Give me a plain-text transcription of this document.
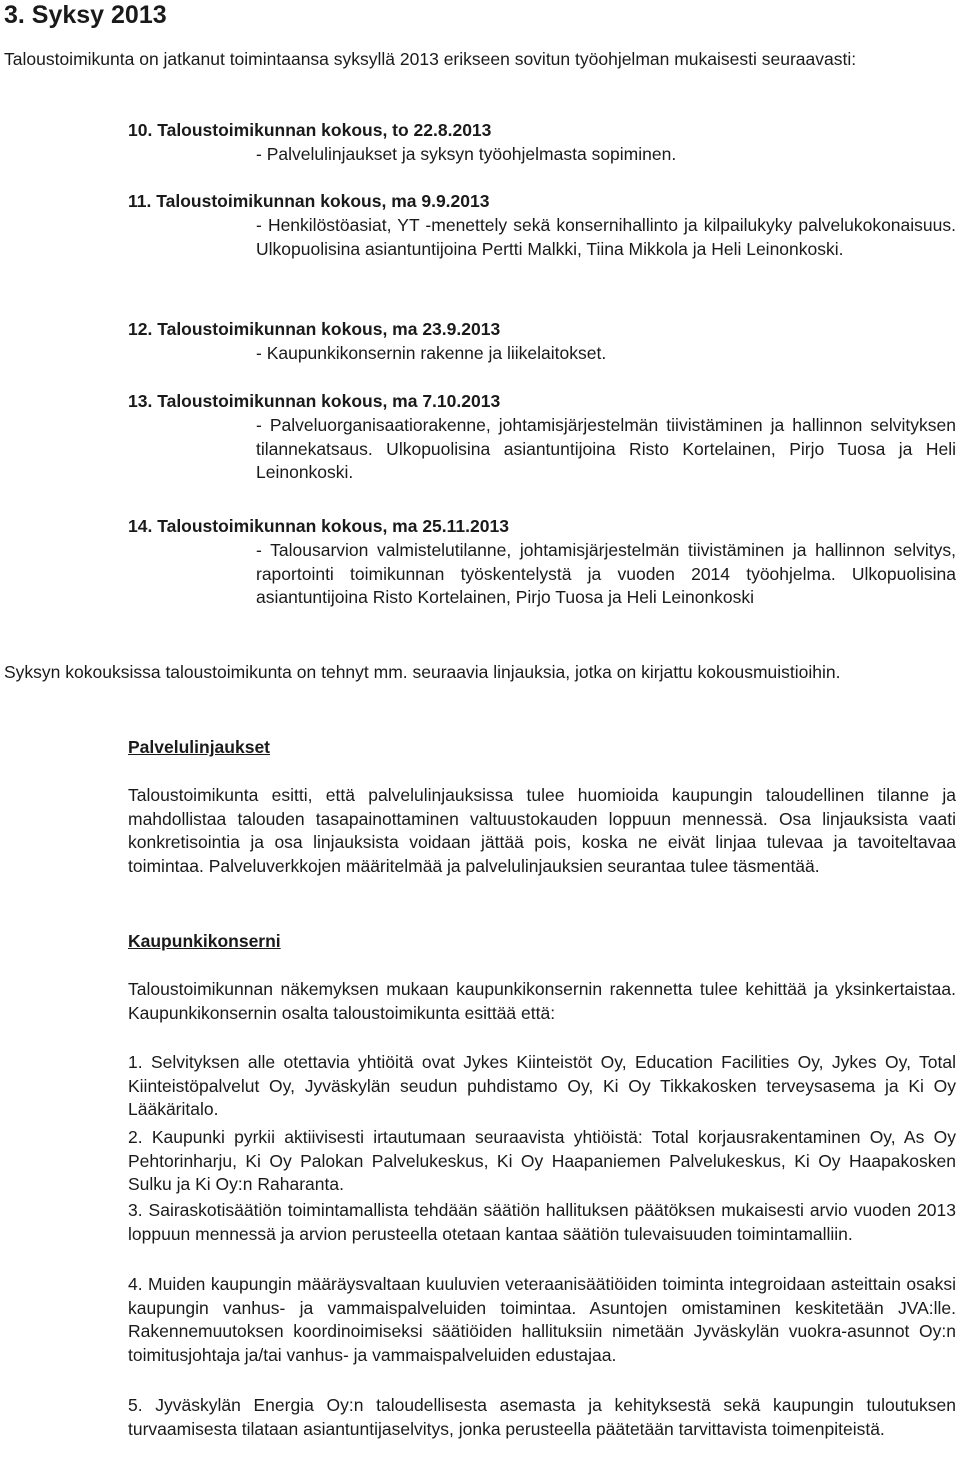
3. Syksy 2013

Taloustoimikunta on jatkanut toimintaansa syksyllä 2013 erikseen sovitun työohjelman mukaisesti seuraavasti:

10. Taloustoimikunnan kokous, to 22.8.2013

- Palvelulinjaukset ja syksyn työohjelmasta sopiminen.

11. Taloustoimikunnan kokous, ma 9.9.2013

- Henkilöstöasiat, YT -menettely sekä konsernihallinto ja kilpailukyky palvelukokonaisuus. Ulkopuolisina asiantuntijoina Pertti Malkki, Tiina Mikkola ja Heli Leinonkoski.

12. Taloustoimikunnan kokous, ma 23.9.2013

- Kaupunkikonsernin rakenne ja liikelaitokset.

13. Taloustoimikunnan kokous, ma 7.10.2013

- Palveluorganisaatiorakenne, johtamisjärjestelmän tiivistäminen ja hallinnon selvityksen tilannekatsaus. Ulkopuolisina asiantuntijoina Risto Kortelainen, Pirjo Tuosa ja Heli Leinonkoski.

14. Taloustoimikunnan kokous, ma 25.11.2013

- Talousarvion valmistelutilanne, johtamisjärjestelmän tiivistäminen ja hallinnon selvitys, raportointi toimikunnan työskentelystä ja vuoden 2014 työohjelma. Ulkopuolisina asiantuntijoina Risto Kortelainen, Pirjo Tuosa ja Heli Leinonkoski

Syksyn kokouksissa taloustoimikunta on tehnyt mm. seuraavia linjauksia, jotka on kirjattu kokousmuistioihin.

Palvelulinjaukset

Taloustoimikunta esitti, että palvelulinjauksissa tulee huomioida kaupungin taloudellinen tilanne ja mahdollistaa talouden tasapainottaminen valtuustokauden loppuun mennessä. Osa linjauksista vaati konkretisointia ja osa linjauksista voidaan jättää pois, koska ne eivät linjaa tulevaa ja tavoiteltavaa toimintaa. Palveluverkkojen määritelmää ja palvelulinjauksien seurantaa tulee täsmentää.

Kaupunkikonserni

Taloustoimikunnan näkemyksen mukaan kaupunkikonsernin rakennetta tulee kehittää ja yksinkertaistaa. Kaupunkikonsernin osalta taloustoimikunta esittää että:

1. Selvityksen alle otettavia yhtiöitä ovat Jykes Kiinteistöt Oy, Education Facilities Oy, Jykes Oy, Total Kiinteistöpalvelut Oy, Jyväskylän seudun puhdistamo Oy, Ki Oy Tikkakosken terveysasema ja Ki Oy Lääkäritalo.

2. Kaupunki pyrkii aktiivisesti irtautumaan seuraavista yhtiöistä: Total korjausrakentaminen Oy, As Oy Pehtorinharju, Ki Oy Palokan Palvelukeskus, Ki Oy Haapaniemen Palvelukeskus, Ki Oy Haapakosken Sulku ja Ki Oy:n Raharanta.

3. Sairaskotisäätiön toimintamallista tehdään säätiön hallituksen päätöksen mukaisesti arvio vuoden 2013 loppuun mennessä ja arvion perusteella otetaan kantaa säätiön tulevaisuuden toimintamalliin.

4. Muiden kaupungin määräysvaltaan kuuluvien veteraanisäätiöiden toiminta integroidaan asteittain osaksi kaupungin vanhus- ja vammaispalveluiden toimintaa. Asuntojen omistaminen keskitetään JVA:lle. Rakennemuutoksen koordinoimiseksi säätiöiden hallituksiin nimetään Jyväskylän vuokra-asunnot Oy:n toimitusjohtaja ja/tai vanhus- ja vammaispalveluiden edustajaa.

5. Jyväskylän Energia Oy:n taloudellisesta asemasta ja kehityksestä sekä kaupungin tuloutuksen turvaamisesta tilataan asiantuntijaselvitys, jonka perusteella päätetään tarvittavista toimenpiteistä.
